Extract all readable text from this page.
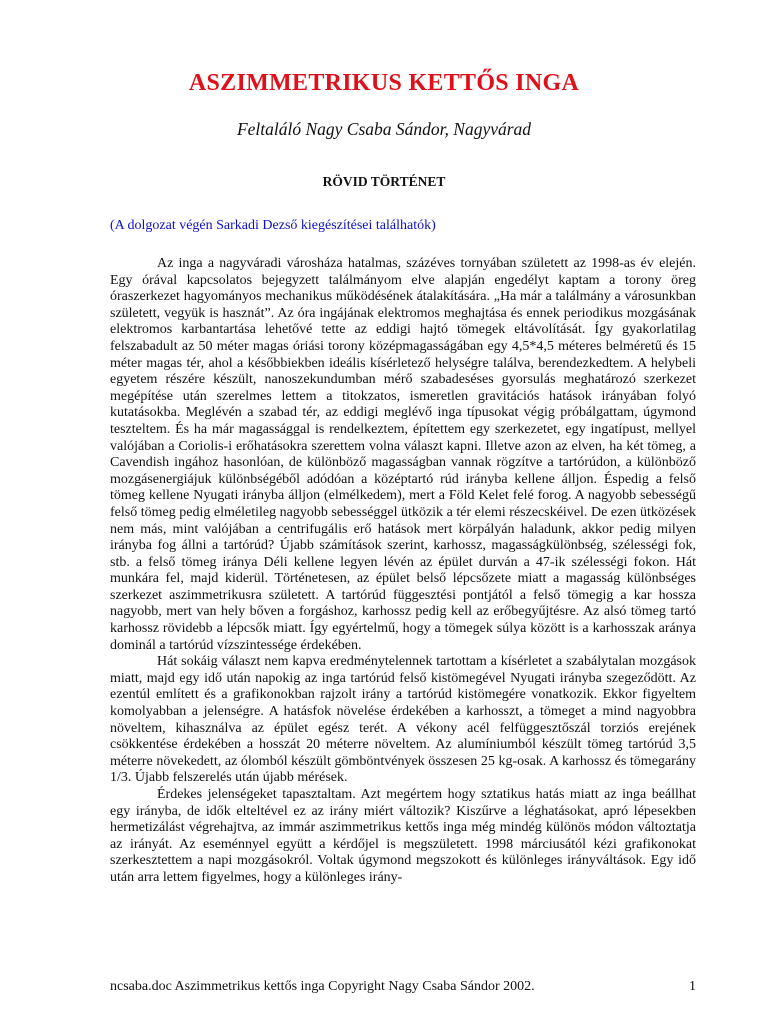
ASZIMMETRIKUS KETTŐS INGA
Feltaláló Nagy Csaba Sándor, Nagyvárad
RÖVID TÖRTÉNET
(A dolgozat végén Sarkadi Dezső kiegészítései találhatók)

Az inga a nagyváradi városháza hatalmas, százéves tornyában született az 1998-as év elején. Egy órával kapcsolatos bejegyzett találmányom elve alapján engedélyt kaptam a torony öreg óraszerkezet hagyományos mechanikus működésének átalakítására. „Ha már a találmány a városunkban született, vegyük is hasznát”. Az óra ingájának elektromos meghajtása és ennek periodikus mozgásának elektromos karbantartása lehetővé tette az eddigi hajtó tömegek eltávolítását. Így gyakorlatilag felszabadult az 50 méter magas óriási torony középmagasságában egy 4,5*4,5 méteres belméretű és 15 méter magas tér, ahol a későbbiekben ideális kísérletező helységre találva, berendezkedtem. A helybeli egyetem részére készült, nanoszekundumban mérő szabadeséses gyorsulás meghatározó szerkezet megépítése után szerelmes lettem a titokzatos, ismeretlen gravitációs hatások irányában folyó kutatásokba. Meglévén a szabad tér, az eddigi meglévő inga típusokat végig próbálgattam, úgymond teszteltem. És ha már magassággal is rendelkeztem, építettem egy szerkezetet, egy ingatípust, mellyel valójában a Coriolis-i erőhatásokra szerettem volna választ kapni. Illetve azon az elven, ha két tömeg, a Cavendish ingához hasonlóan, de különböző magasságban vannak rögzítve a tartórúdon, a különböző mozgásenergiájuk különbségéből adódóan a középtartó rúd irányba kellene álljon. Éspedig a felső tömeg kellene Nyugati irányba álljon (elmélkedem), mert a Föld Kelet felé forog. A nagyobb sebességű felső tömeg pedig elméletileg nagyobb sebességgel ütközik a tér elemi részecskéivel. De ezen ütközések nem más, mint valójában a centrifugális erő hatások mert körpályán haladunk, akkor pedig milyen irányba fog állni a tartórúd? Újabb számítások szerint, karhossz, magasságkülönbség, szélességi fok, stb. a felső tömeg iránya Déli kellene legyen lévén az épület durván a 47-ik szélességi fokon. Hát munkára fel, majd kiderül. Történetesen, az épület belső lépcsőzete miatt a magasság különbséges szerkezet aszimmetrikusra született. A tartórúd függesztési pontjától a felső tömegig a kar hossza nagyobb, mert van hely bőven a forgáshoz, karhossz pedig kell az erőbegyűjtésre. Az alsó tömeg tartó karhossz rövidebb a lépcsők miatt. Így egyértelmű, hogy a tömegek súlya között is a karhosszak aránya dominál a tartórúd vízszintessége érdekében.

Hát sokáig választ nem kapva eredménytelennek tartottam a kísérletet a szabálytalan mozgások miatt, majd egy idő után napokig az inga tartórúd felső kistömegével Nyugati irányba szegeződött. Az ezentúl említett és a grafikonokban rajzolt irány a tartórúd kistömegére vonatkozik. Ekkor figyeltem komolyabban a jelenségre. A hatásfok növelése érdekében a karhosszt, a tömeget a mind nagyobbra növeltem, kihasználva az épület egész terét. A vékony acél felfüggesztőszál torziós erejének csökkentése érdekében a hosszát 20 méterre növeltem. Az alumíniumból készült tömeg tartórúd 3,5 méterre növekedett, az ólomból készült gömböntvények összesen 25 kg-osak. A karhossz és tömegarány 1/3. Újabb felszerelés után újabb mérések.

Érdekes jelenségeket tapasztaltam. Azt megértem hogy sztatikus hatás miatt az inga beállhat egy irányba, de idők elteltével ez az irány miért változik? Kiszűrve a léghatásokat, apró lépesekben hermetizálást végrehajtva, az immár aszimmetrikus kettős inga még mindég különös módon változtatja az irányát. Az eseménnyel együtt a kérdőjel is megszületett. 1998 márciusától kézi grafikonokat szerkesztettem a napi mozgásokról. Voltak úgymond megszokott és különleges irányváltások. Egy idő után arra lettem figyelmes, hogy a különleges irány-

ncsaba.doc Aszimmetrikus kettős inga Copyright Nagy Csaba Sándor 2002.	1
